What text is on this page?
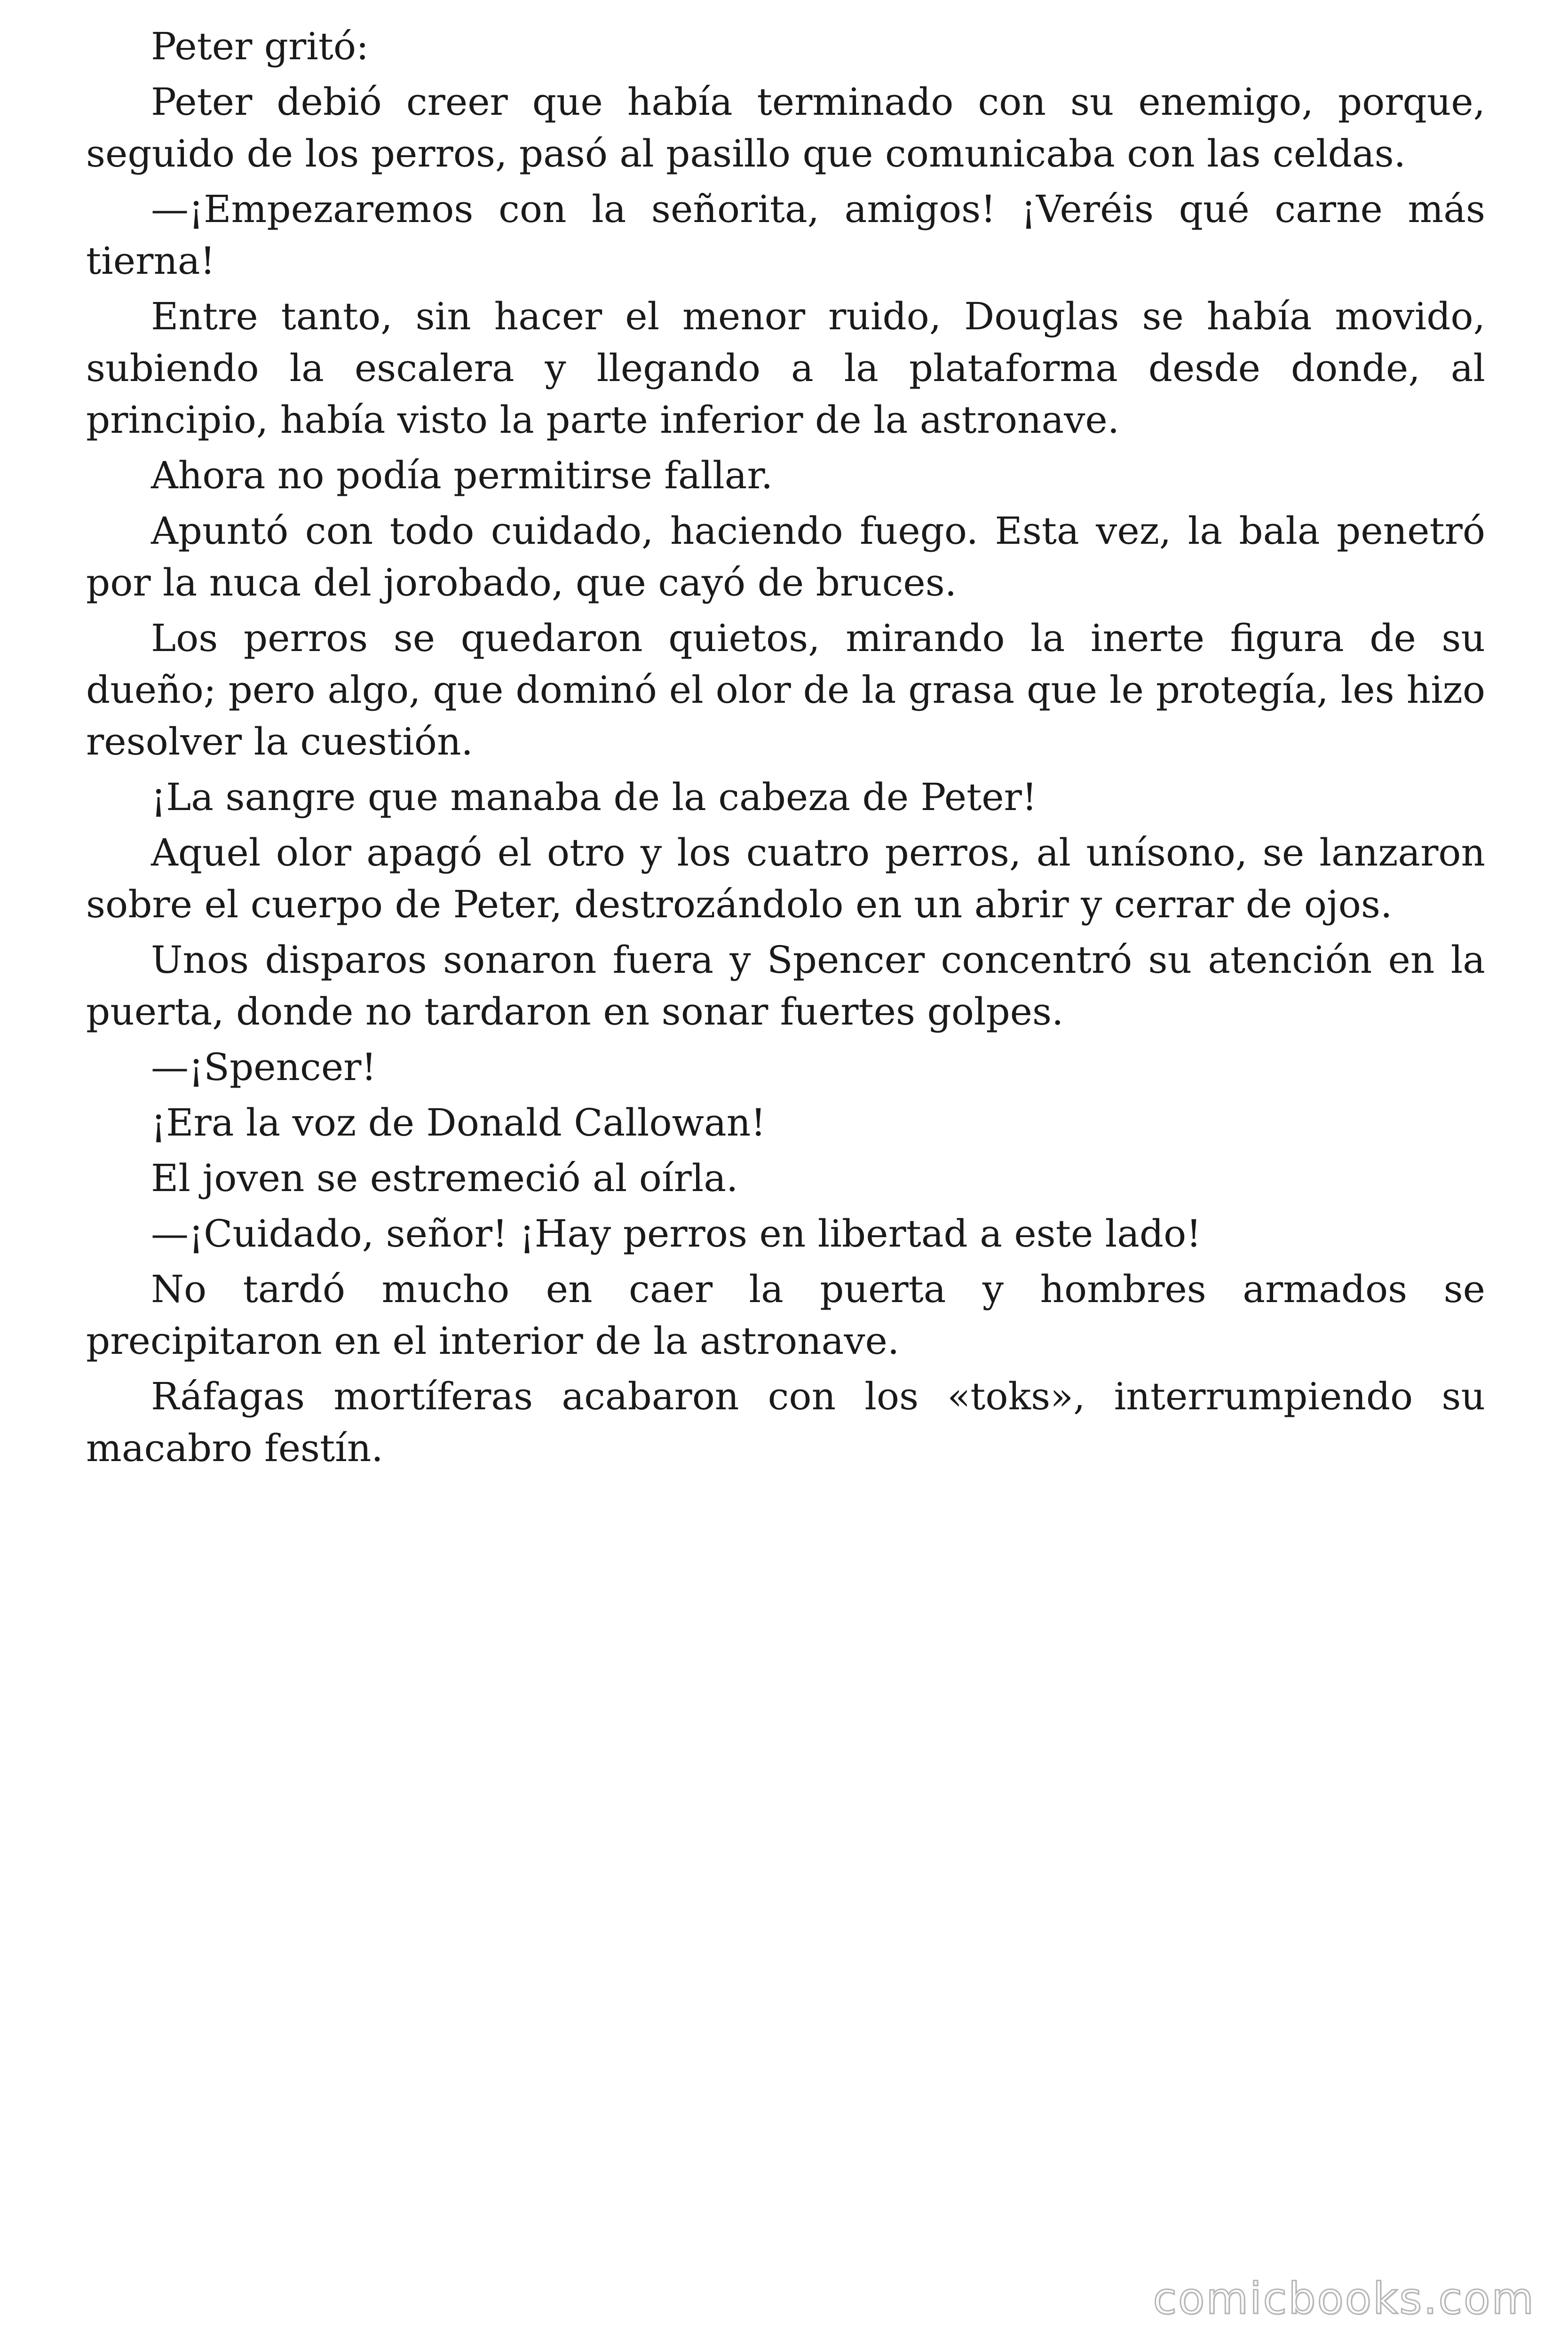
Peter gritó:

Peter debió creer que había terminado con su enemigo, porque, seguido de los perros, pasó al pasillo que comunicaba con las celdas.

—¡Empezaremos con la señorita, amigos! ¡Veréis qué carne más tierna!

Entre tanto, sin hacer el menor ruido, Douglas se había movido, subiendo la escalera y llegando a la plataforma desde donde, al principio, había visto la parte inferior de la astronave.

Ahora no podía permitirse fallar.

Apuntó con todo cuidado, haciendo fuego. Esta vez, la bala penetró por la nuca del jorobado, que cayó de bruces.

Los perros se quedaron quietos, mirando la inerte figura de su dueño; pero algo, que dominó el olor de la grasa que le protegía, les hizo resolver la cuestión.

¡La sangre que manaba de la cabeza de Peter!

Aquel olor apagó el otro y los cuatro perros, al unísono, se lanzaron sobre el cuerpo de Peter, destrozándolo en un abrir y cerrar de ojos.

Unos disparos sonaron fuera y Spencer concentró su atención en la puerta, donde no tardaron en sonar fuertes golpes.

—¡Spencer!

¡Era la voz de Donald Callowan!

El joven se estremeció al oírla.

—¡Cuidado, señor! ¡Hay perros en libertad a este lado!

No tardó mucho en caer la puerta y hombres armados se precipitaron en el interior de la astronave.

Ráfagas mortíferas acabaron con los «toks», interrumpiendo su macabro festín.

comicbooks.com
